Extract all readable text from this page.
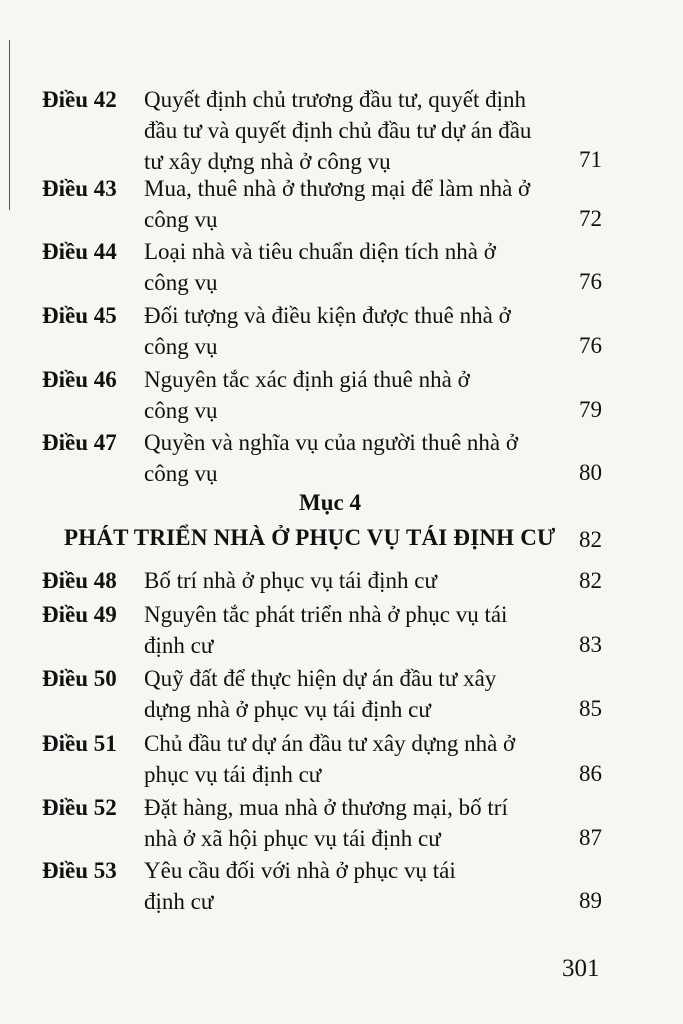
Điều 42 Quyết định chủ trương đầu tư, quyết định
đầu tư và quyết định chủ đầu tư dự án đầu
tư xây dựng nhà ở công vụ	71
Điều 43 Mua, thuê nhà ở thương mại để làm nhà ở
công vụ	72
Điều 44 Loại nhà và tiêu chuẩn diện tích nhà ở
công vụ	76
Điều 45 Đối tượng và điều kiện được thuê nhà ở
công vụ	76
Điều 46 Nguyên tắc xác định giá thuê nhà ở
công vụ	79
Điều 47 Quyền và nghĩa vụ của người thuê nhà ở
công vụ	80
Mục 4
PHÁT TRIỂN NHÀ Ở PHỤC VỤ TÁI ĐỊNH CƯ 82
Điều 48 Bố trí nhà ở phục vụ tái định cư	82
Điều 49 Nguyên tắc phát triển nhà ở phục vụ tái
định cư	83
Điều 50 Quỹ đất để thực hiện dự án đầu tư xây
dựng nhà ở phục vụ tái định cư	85
Điều 51 Chủ đầu tư dự án đầu tư xây dựng nhà ở
phục vụ tái định cư	86
Điều 52 Đặt hàng, mua nhà ở thương mại, bố trí
nhà ở xã hội phục vụ tái định cư	87
Điều 53 Yêu cầu đối với nhà ở phục vụ tái
định cư	89
301
